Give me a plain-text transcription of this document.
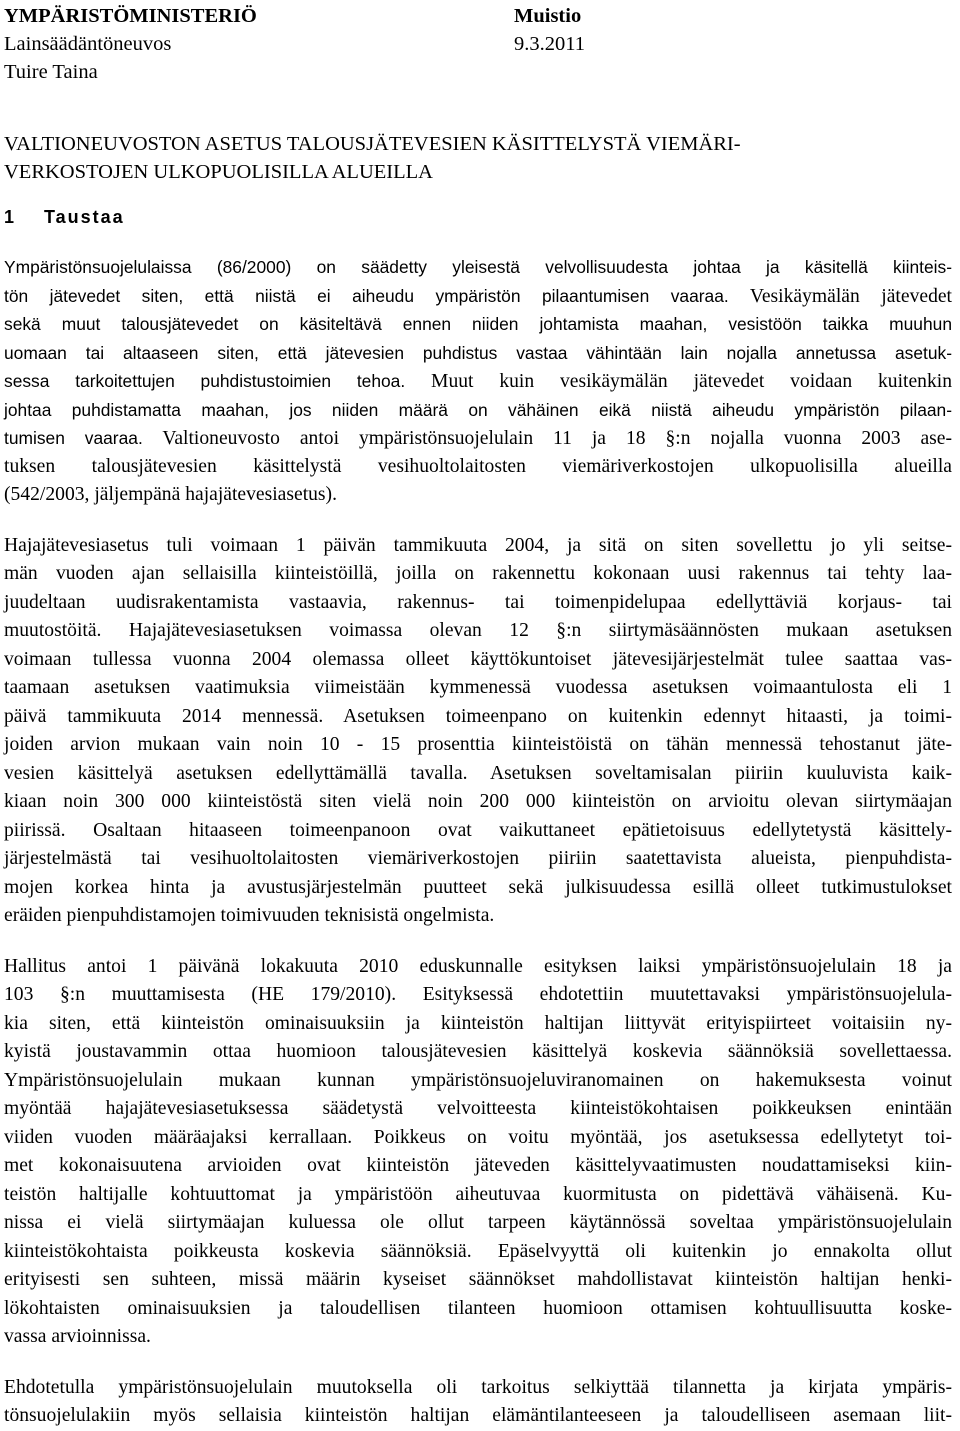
YMPÄRISTÖMINISTERIÖ	Muistio
Lainsäädäntöneuvos	9.3.2011
Tuire Taina
VALTIONEUVOSTON ASETUS TALOUSJÄTEVESIEN KÄSITTELYSTÄ VIEMÄRI-
VERKOSTOJEN ULKOPUOLISILLA ALUEILLA
1 Taustaa
Ympäristönsuojelulaissa (86/2000) on säädetty yleisestä velvollisuudesta johtaa ja käsitellä kiinteis-
tön jätevedet siten, että niistä ei aiheudu ympäristön pilaantumisen vaaraa. Vesikäymälän jätevedet
sekä muut talousjätevedet on käsiteltävä ennen niiden johtamista maahan, vesistöön taikka muuhun
uomaan tai altaaseen siten, että jätevesien puhdistus vastaa vähintään lain nojalla annetussa asetuk-
sessa tarkoitettujen puhdistustoimien tehoa. Muut kuin vesikäymälän jätevedet voidaan kuitenkin
johtaa puhdistamatta maahan, jos niiden määrä on vähäinen eikä niistä aiheudu ympäristön pilaan-
tumisen vaaraa. Valtioneuvosto antoi ympäristönsuojelulain 11 ja 18 §:n nojalla vuonna 2003 ase-
tuksen talousjätevesien käsittelystä vesihuoltolaitosten viemäriverkostojen ulkopuolisilla alueilla
(542/2003, jäljempänä hajajätevesiasetus).
Hajajätevesiasetus tuli voimaan 1 päivän tammikuuta 2004, ja sitä on siten sovellettu jo yli seitse-
män vuoden ajan sellaisilla kiinteistöillä, joilla on rakennettu kokonaan uusi rakennus tai tehty laa-
juudeltaan uudisrakentamista vastaavia, rakennus- tai toimenpidelupaa edellyttäviä korjaus- tai
muutostöitä. Hajajätevesiasetuksen voimassa olevan 12 §:n siirtymäsäännösten mukaan asetuksen
voimaan tullessa vuonna 2004 olemassa olleet käyttökuntoiset jätevesijärjestelmät tulee saattaa vas-
taamaan asetuksen vaatimuksia viimeistään kymmenessä vuodessa asetuksen voimaantulosta eli 1
päivä tammikuuta 2014 mennessä. Asetuksen toimeenpano on kuitenkin edennyt hitaasti, ja toimi-
joiden arvion mukaan vain noin 10 - 15 prosenttia kiinteistöistä on tähän mennessä tehostanut jäte-
vesien käsittelyä asetuksen edellyttämällä tavalla. Asetuksen soveltamisalan piiriin kuuluvista kaik-
kiaan noin 300 000 kiinteistöstä siten vielä noin 200 000 kiinteistön on arvioitu olevan siirtymäajan
piirissä. Osaltaan hitaaseen toimeenpanoon ovat vaikuttaneet epätietoisuus edellytetystä käsittely-
järjestelmästä tai vesihuoltolaitosten viemäriverkostojen piiriin saatettavista alueista, pienpuhdista-
mojen korkea hinta ja avustusjärjestelmän puutteet sekä julkisuudessa esillä olleet tutkimustulokset
eräiden pienpuhdistamojen toimivuuden teknisistä ongelmista.
Hallitus antoi 1 päivänä lokakuuta 2010 eduskunnalle esityksen laiksi ympäristönsuojelulain 18 ja
103 §:n muuttamisesta (HE 179/2010). Esityksessä ehdotettiin muutettavaksi ympäristönsuojelula-
kia siten, että kiinteistön ominaisuuksiin ja kiinteistön haltijan liittyvät erityispiirteet voitaisiin ny-
kyistä joustavammin ottaa huomioon talousjätevesien käsittelyä koskevia säännöksiä sovellettaessa.
Ympäristönsuojelulain mukaan kunnan ympäristönsuojeluviranomainen on hakemuksesta voinut
myöntää hajajätevesiasetuksessa säädetystä velvoitteesta kiinteistökohtaisen poikkeuksen enintään
viiden vuoden määräajaksi kerrallaan. Poikkeus on voitu myöntää, jos asetuksessa edellytetyt toi-
met kokonaisuutena arvioiden ovat kiinteistön jäteveden käsittelyvaatimusten noudattamiseksi kiin-
teistön haltijalle kohtuuttomat ja ympäristöön aiheutuvaa kuormitusta on pidettävä vähäisenä. Ku-
nissa ei vielä siirtymäajan kuluessa ole ollut tarpeen käytännössä soveltaa ympäristönsuojelulain
kiinteistökohtaista poikkeusta koskevia säännöksiä. Epäselvyyttä oli kuitenkin jo ennakolta ollut
erityisesti sen suhteen, missä määrin kyseiset säännökset mahdollistavat kiinteistön haltijan henki-
lökohtaisten ominaisuuksien ja taloudellisen tilanteen huomioon ottamisen kohtuullisuutta koske-
vassa arvioinnissa.
Ehdotetulla ympäristönsuojelulain muutoksella oli tarkoitus selkiyttää tilannetta ja kirjata ympäris-
tönsuojelulakiin myös sellaisia kiinteistön haltijan elämäntilanteeseen ja taloudelliseen asemaan liit-
